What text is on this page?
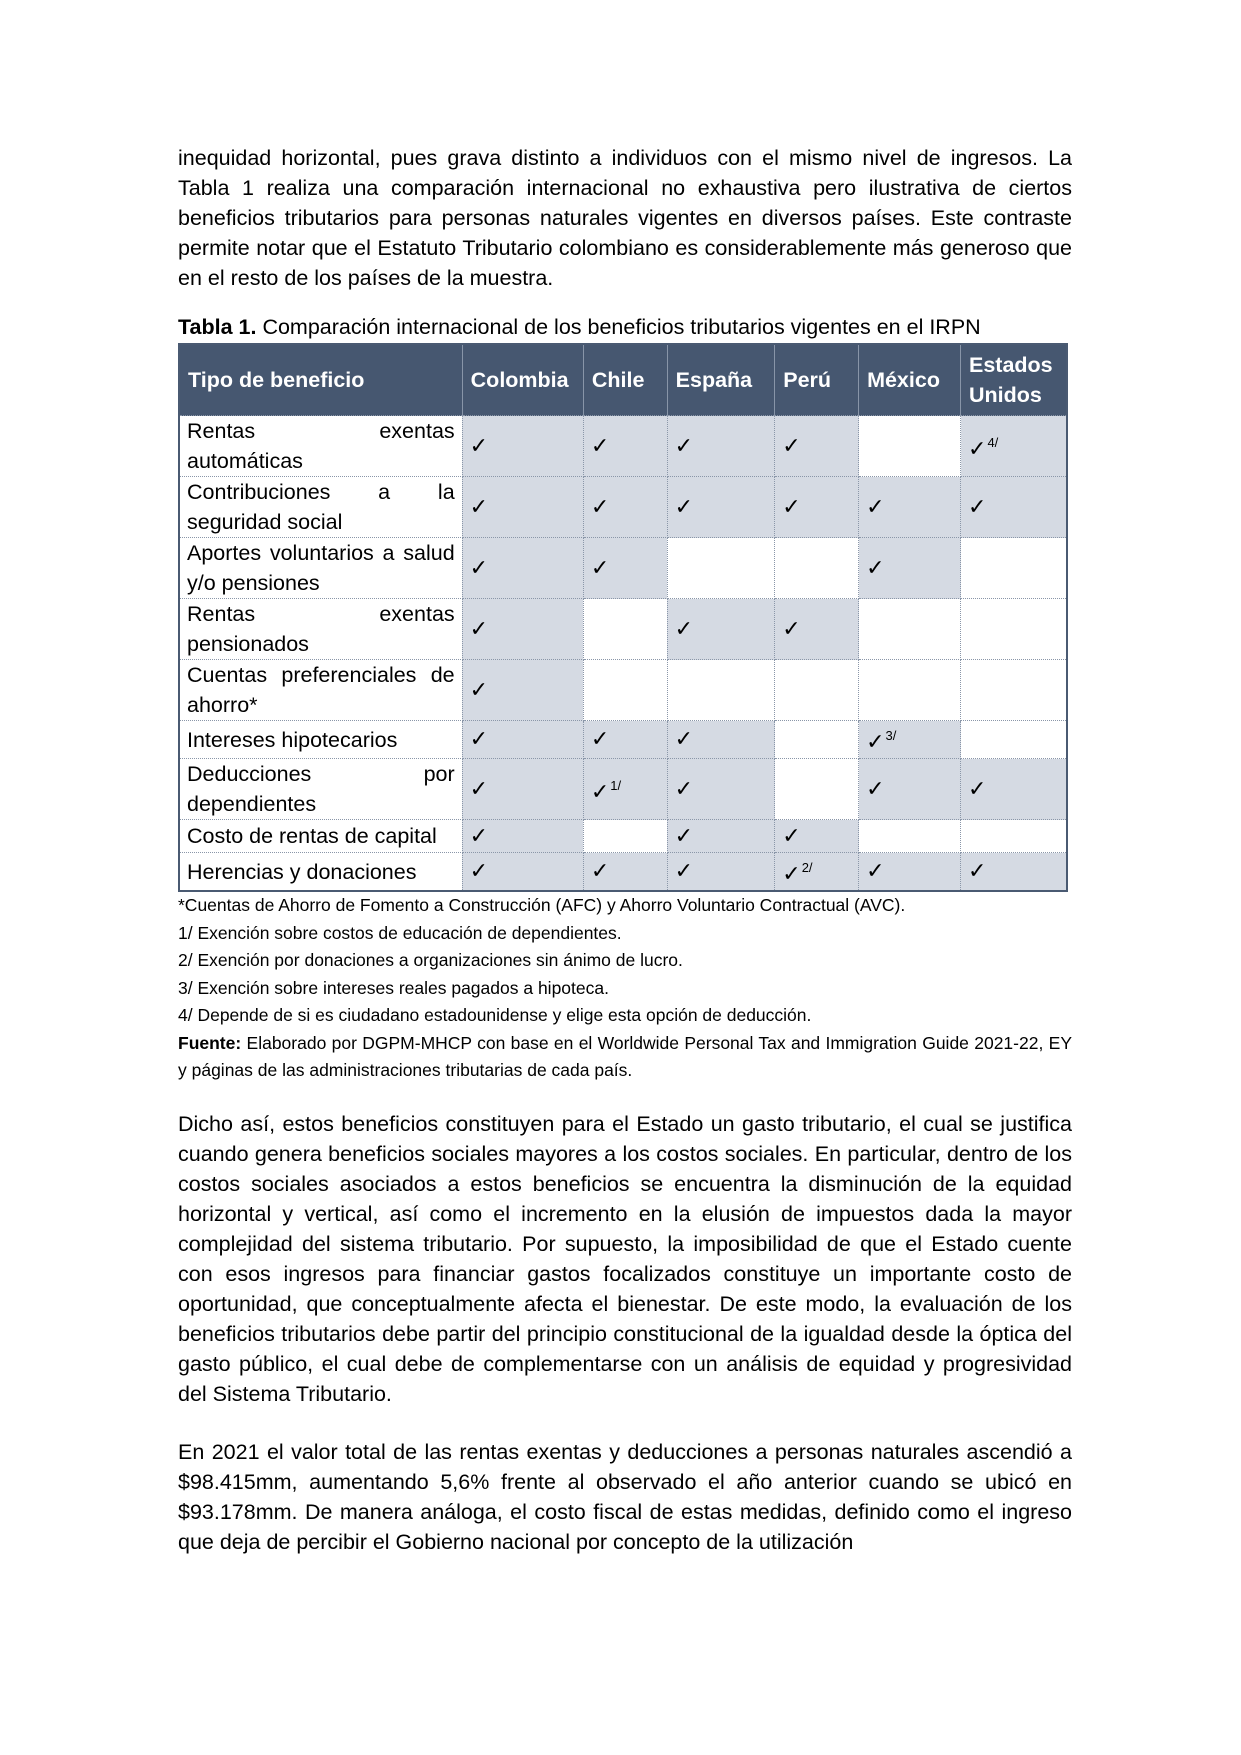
inequidad horizontal, pues grava distinto a individuos con el mismo nivel de ingresos. La Tabla 1 realiza una comparación internacional no exhaustiva pero ilustrativa de ciertos beneficios tributarios para personas naturales vigentes en diversos países. Este contraste permite notar que el Estatuto Tributario colombiano es considerablemente más generoso que en el resto de los países de la muestra.

Tabla 1. Comparación internacional de los beneficios tributarios vigentes en el IRPN

Tipo de beneficio	Colombia	Chile	España	Perú	México	Estados Unidos
Rentas exentas automáticas	✓	✓	✓	✓		✓$^{4/}$
Contribuciones a la seguridad social	✓	✓	✓	✓	✓	✓
Aportes voluntarios a salud y/o pensiones	✓	✓			✓	
Rentas exentas pensionados	✓		✓	✓		
Cuentas preferenciales de ahorro*	✓					
Intereses hipotecarios	✓	✓	✓		✓$^{3/}$	
Deducciones por dependientes	✓	✓$^{1/}$	✓		✓	✓
Costo de rentas de capital	✓		✓	✓		
Herencias y donaciones	✓	✓	✓	✓$^{2/}$	✓	✓

*Cuentas de Ahorro de Fomento a Construcción (AFC) y Ahorro Voluntario Contractual (AVC).

1/ Exención sobre costos de educación de dependientes.

2/ Exención por donaciones a organizaciones sin ánimo de lucro.

3/ Exención sobre intereses reales pagados a hipoteca.

4/ Depende de si es ciudadano estadounidense y elige esta opción de deducción.

Fuente: Elaborado por DGPM-MHCP con base en el Worldwide Personal Tax and Immigration Guide 2021-22, EY y páginas de las administraciones tributarias de cada país.

Dicho así, estos beneficios constituyen para el Estado un gasto tributario, el cual se justifica cuando genera beneficios sociales mayores a los costos sociales. En particular, dentro de los costos sociales asociados a estos beneficios se encuentra la disminución de la equidad horizontal y vertical, así como el incremento en la elusión de impuestos dada la mayor complejidad del sistema tributario. Por supuesto, la imposibilidad de que el Estado cuente con esos ingresos para financiar gastos focalizados constituye un importante costo de oportunidad, que conceptualmente afecta el bienestar. De este modo, la evaluación de los beneficios tributarios debe partir del principio constitucional de la igualdad desde la óptica del gasto público, el cual debe de complementarse con un análisis de equidad y progresividad del Sistema Tributario.

En 2021 el valor total de las rentas exentas y deducciones a personas naturales ascendió a $98.415mm, aumentando 5,6% frente al observado el año anterior cuando se ubicó en $93.178mm. De manera análoga, el costo fiscal de estas medidas, definido como el ingreso que deja de percibir el Gobierno nacional por concepto de la utilización
